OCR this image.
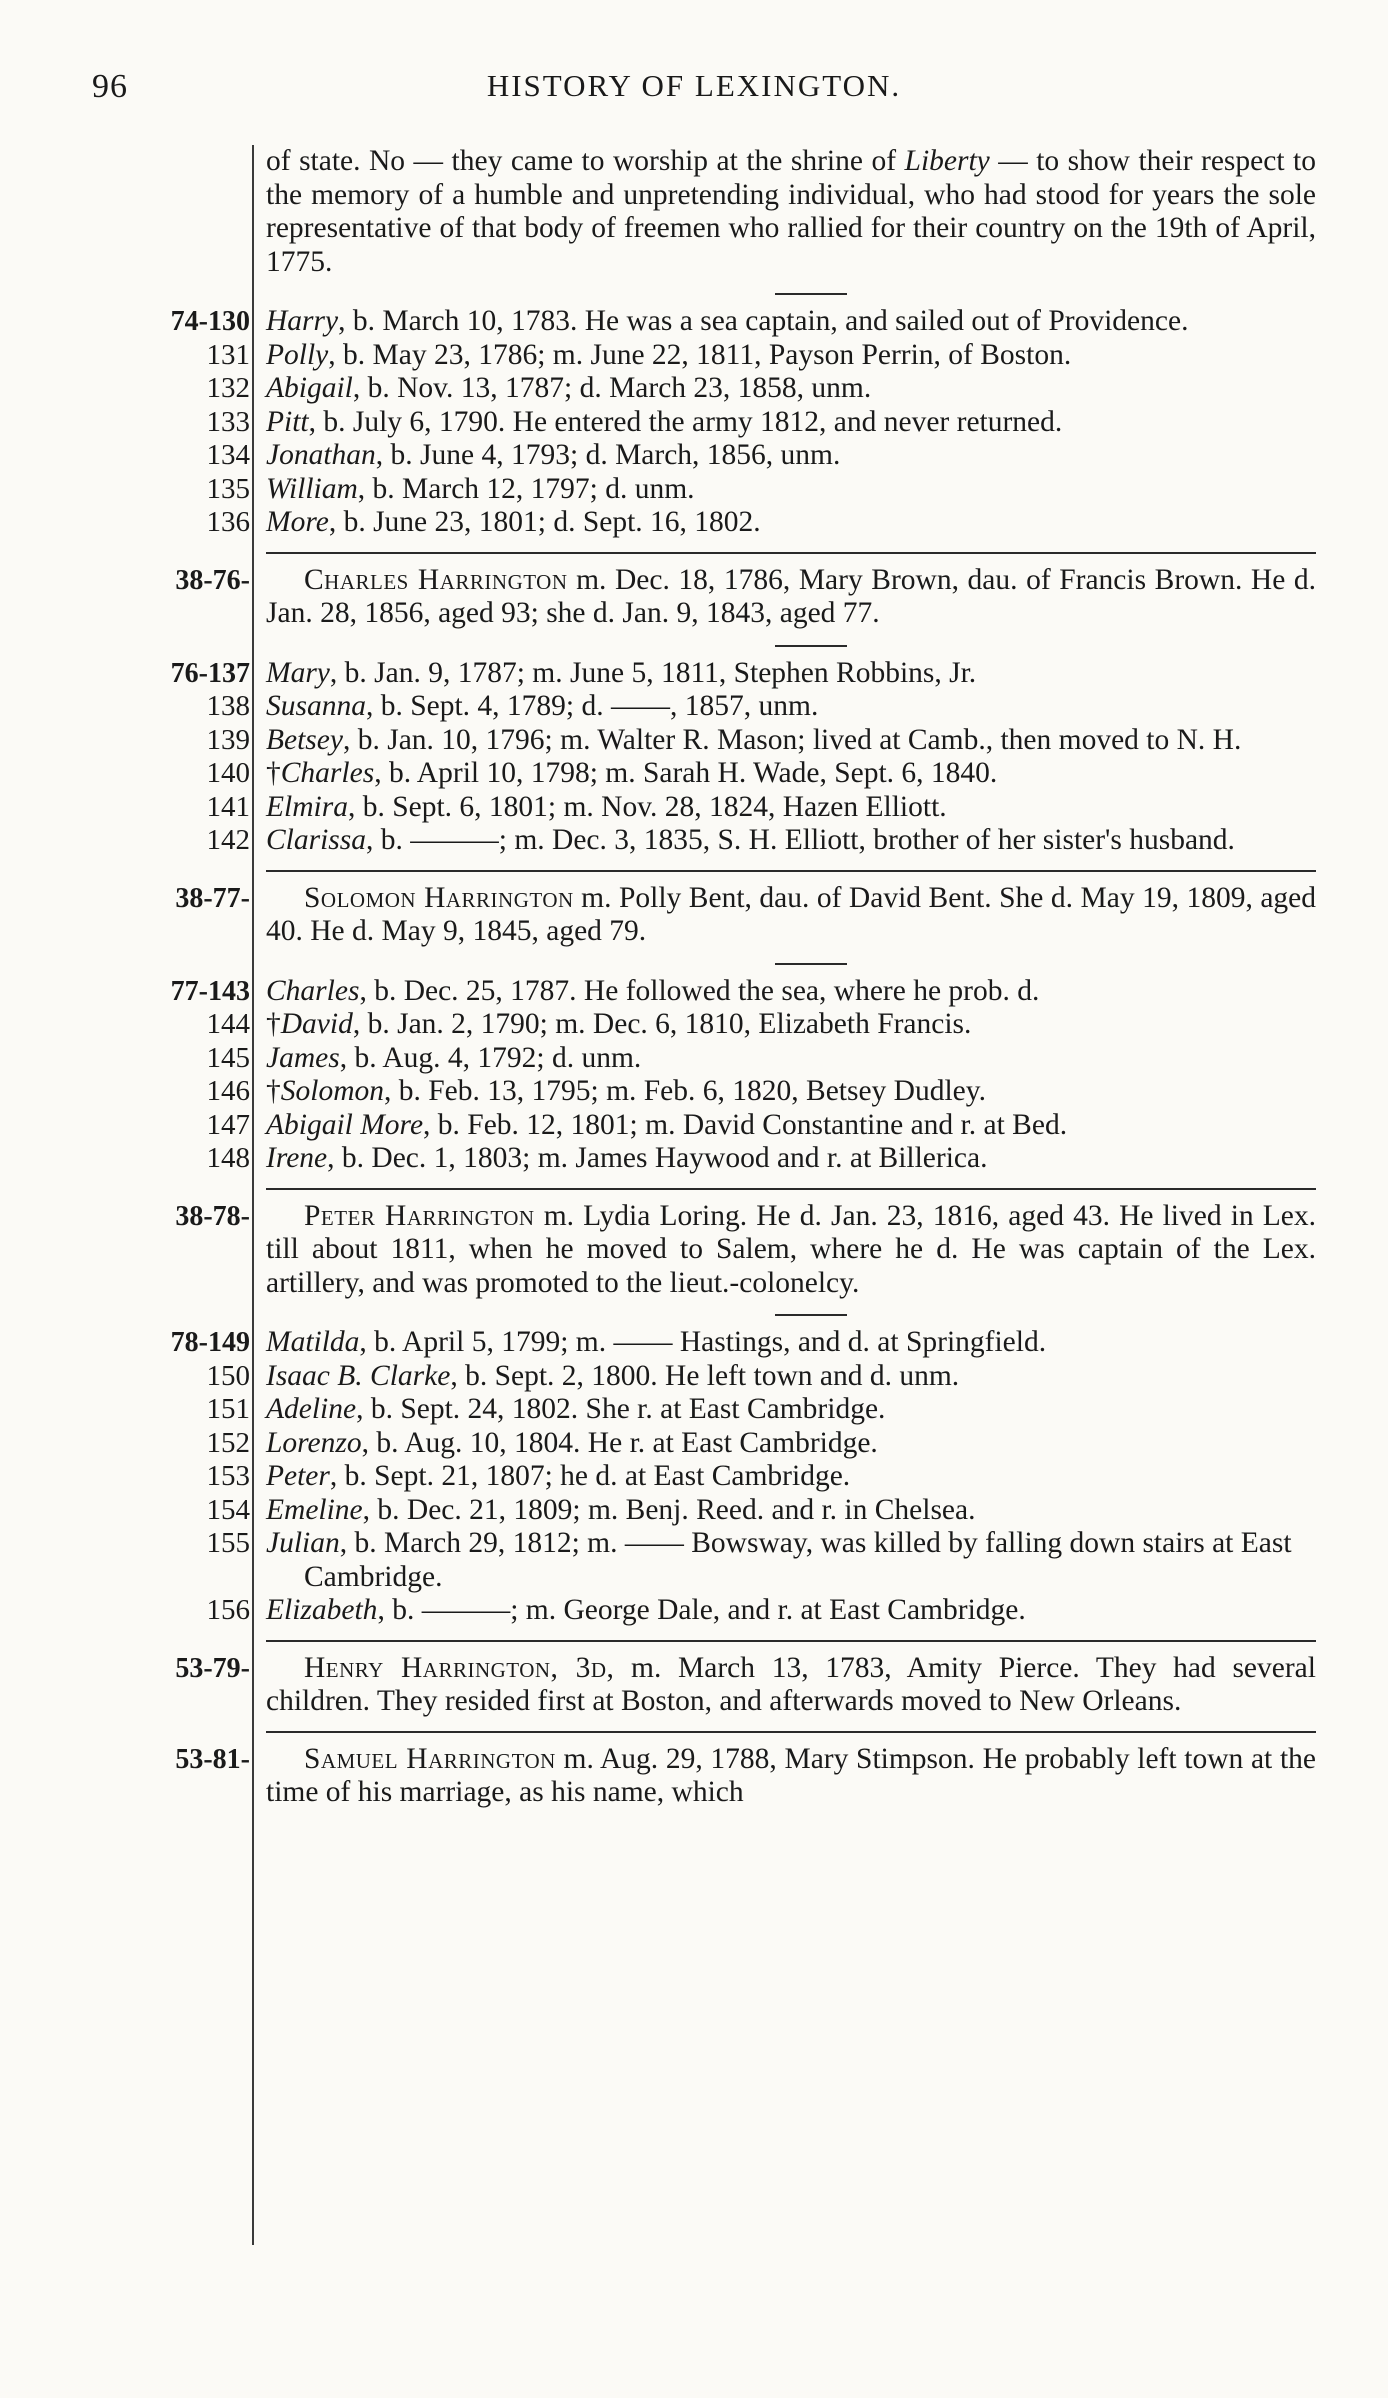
96	HISTORY OF LEXINGTON.
of state. No — they came to worship at the shrine of Liberty — to show their respect to the memory of a humble and unpretending individual, who had stood for years the sole representative of that body of freemen who rallied for their country on the 19th of April, 1775.
74-130 Harry, b. March 10, 1783. He was a sea captain, and sailed out of Providence.
131 Polly, b. May 23, 1786; m. June 22, 1811, Payson Perrin, of Boston.
132 Abigail, b. Nov. 13, 1787; d. March 23, 1858, unm.
133 Pitt, b. July 6, 1790. He entered the army 1812, and never returned.
134 Jonathan, b. June 4, 1793; d. March, 1856, unm.
135 William, b. March 12, 1797; d. unm.
136 More, b. June 23, 1801; d. Sept. 16, 1802.
38-76-	Charles Harrington m. Dec. 18, 1786, Mary Brown, dau. of Francis Brown. He d. Jan. 28, 1856, aged 93; she d. Jan. 9, 1843, aged 77.
76-137 Mary, b. Jan. 9, 1787; m. June 5, 1811, Stephen Robbins, Jr.
138 Susanna, b. Sept. 4, 1789; d. ——, 1857, unm.
139 Betsey, b. Jan. 10, 1796; m. Walter R. Mason; lived at Camb., then moved to N. H.
140 †Charles, b. April 10, 1798; m. Sarah H. Wade, Sept. 6, 1840.
141 Elmira, b. Sept. 6, 1801; m. Nov. 28, 1824, Hazen Elliott.
142 Clarissa, b. ———; m. Dec. 3, 1835, S. H. Elliott, brother of her sister's husband.
38-77-	Solomon Harrington m. Polly Bent, dau. of David Bent. She d. May 19, 1809, aged 40. He d. May 9, 1845, aged 79.
77-143 Charles, b. Dec. 25, 1787. He followed the sea, where he prob. d.
144 †David, b. Jan. 2, 1790; m. Dec. 6, 1810, Elizabeth Francis.
145 James, b. Aug. 4, 1792; d. unm.
146 †Solomon, b. Feb. 13, 1795; m. Feb. 6, 1820, Betsey Dudley.
147 Abigail More, b. Feb. 12, 1801; m. David Constantine and r. at Bed.
148 Irene, b. Dec. 1, 1803; m. James Haywood and r. at Billerica.
38-78-	Peter Harrington m. Lydia Loring. He d. Jan. 23, 1816, aged 43. He lived in Lex. till about 1811, when he moved to Salem, where he d. He was captain of the Lex. artillery, and was promoted to the lieut.-colonelcy.
78-149 Matilda, b. April 5, 1799; m. —— Hastings, and d. at Springfield.
150 Isaac B. Clarke, b. Sept. 2, 1800. He left town and d. unm.
151 Adeline, b. Sept. 24, 1802. She r. at East Cambridge.
152 Lorenzo, b. Aug. 10, 1804. He r. at East Cambridge.
153 Peter, b. Sept. 21, 1807; he d. at East Cambridge.
154 Emeline, b. Dec. 21, 1809; m. Benj. Reed. and r. in Chelsea.
155 Julian, b. March 29, 1812; m. —— Bowsway, was killed by falling down stairs at East Cambridge.
156 Elizabeth, b. ———; m. George Dale, and r. at East Cambridge.
53-79-	Henry Harrington, 3d, m. March 13, 1783, Amity Pierce. They had several children. They resided first at Boston, and afterwards moved to New Orleans.
53-81-	Samuel Harrington m. Aug. 29, 1788, Mary Stimpson. He probably left town at the time of his marriage, as his name, which
